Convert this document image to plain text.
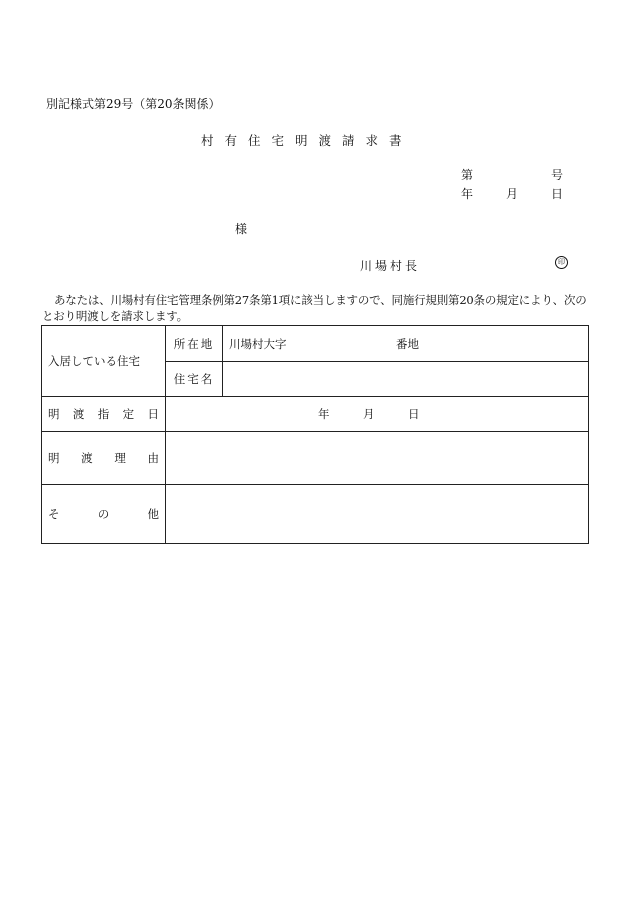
別記様式第29号（第20条関係）
村有住宅明渡請求書
第	号
年	月	日
様
川場村長	印
あなたは、川場村有住宅管理条例第27条第1項に該当しますので、同施行規則第20条の規定により、次のとおり明渡しを請求します。
入居している住宅	所在地	川場村大字 番地

	住宅名	

明 渡 指 定 日	年 月 日	

明 渡 理 由		

そ の 他		
